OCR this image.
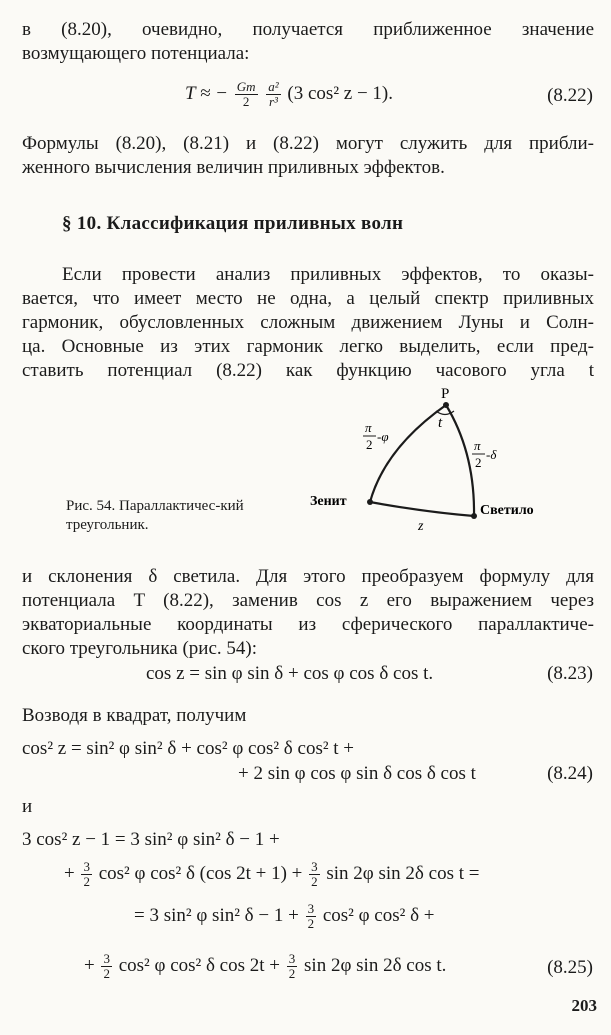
в (8.20), очевидно, получается приближенное значение
возмущающего потенциала:
T ≈ − $\frac{Gm}{2}$
$\frac{\text{a²}}{\text{r³}} (3$ cos² z − 1).	(8.22)
Формулы (8.20), (8.21) и (8.22) могут служить для прибли-
женного вычисления величин приливных эффектов.
§ 10. Классификация приливных волн
Если провести анализ приливных эффектов, то оказы-
вается, что имеет место не одна, а целый спектр приливных
гармоник, обусловленных сложным движением Луны и Солн-
ца. Основные из этих гармоник легко выделить, если пред-
ставить потенциал (8.22) как функцию часового угла t
P
t
π
2
-φ
π
2
-δ
Зенит
Светило
z
Рис. 54. Параллактичес-кий треугольник.
и склонения δ светила. Для этого преобразуем формулу для
потенциала T (8.22), заменив cos z его выражением через
экваториальные координаты из сферического параллактиче-
ского треугольника (рис. 54):
cos z = sin φ sin δ + cos φ cos δ cos t.	(8.23)
Возводя в квадрат, получим
cos² z = sin² φ sin² δ + cos² φ cos² δ cos² t +
+ 2 sin φ cos φ sin δ cos δ cos t	(8.24)
и
3 cos² z − 1 = 3 sin² φ sin² δ − 1 +
+ $\frac{3}{2} \cos^2$ φ cos² δ (cos $2t + 1) + \frac{3}{2}$ sin 2φ sin 2δ cos t =
= 3 sin² φ sin² $\delta - 1 + \frac{3}{2} \cos^2$ φ cos² δ +
+ $\frac{3}{2} \cos^2$ φ cos² δ $\cos 2t + \frac{3}{2}$ sin 2φ sin 2δ cos t.	(8.25)
203
